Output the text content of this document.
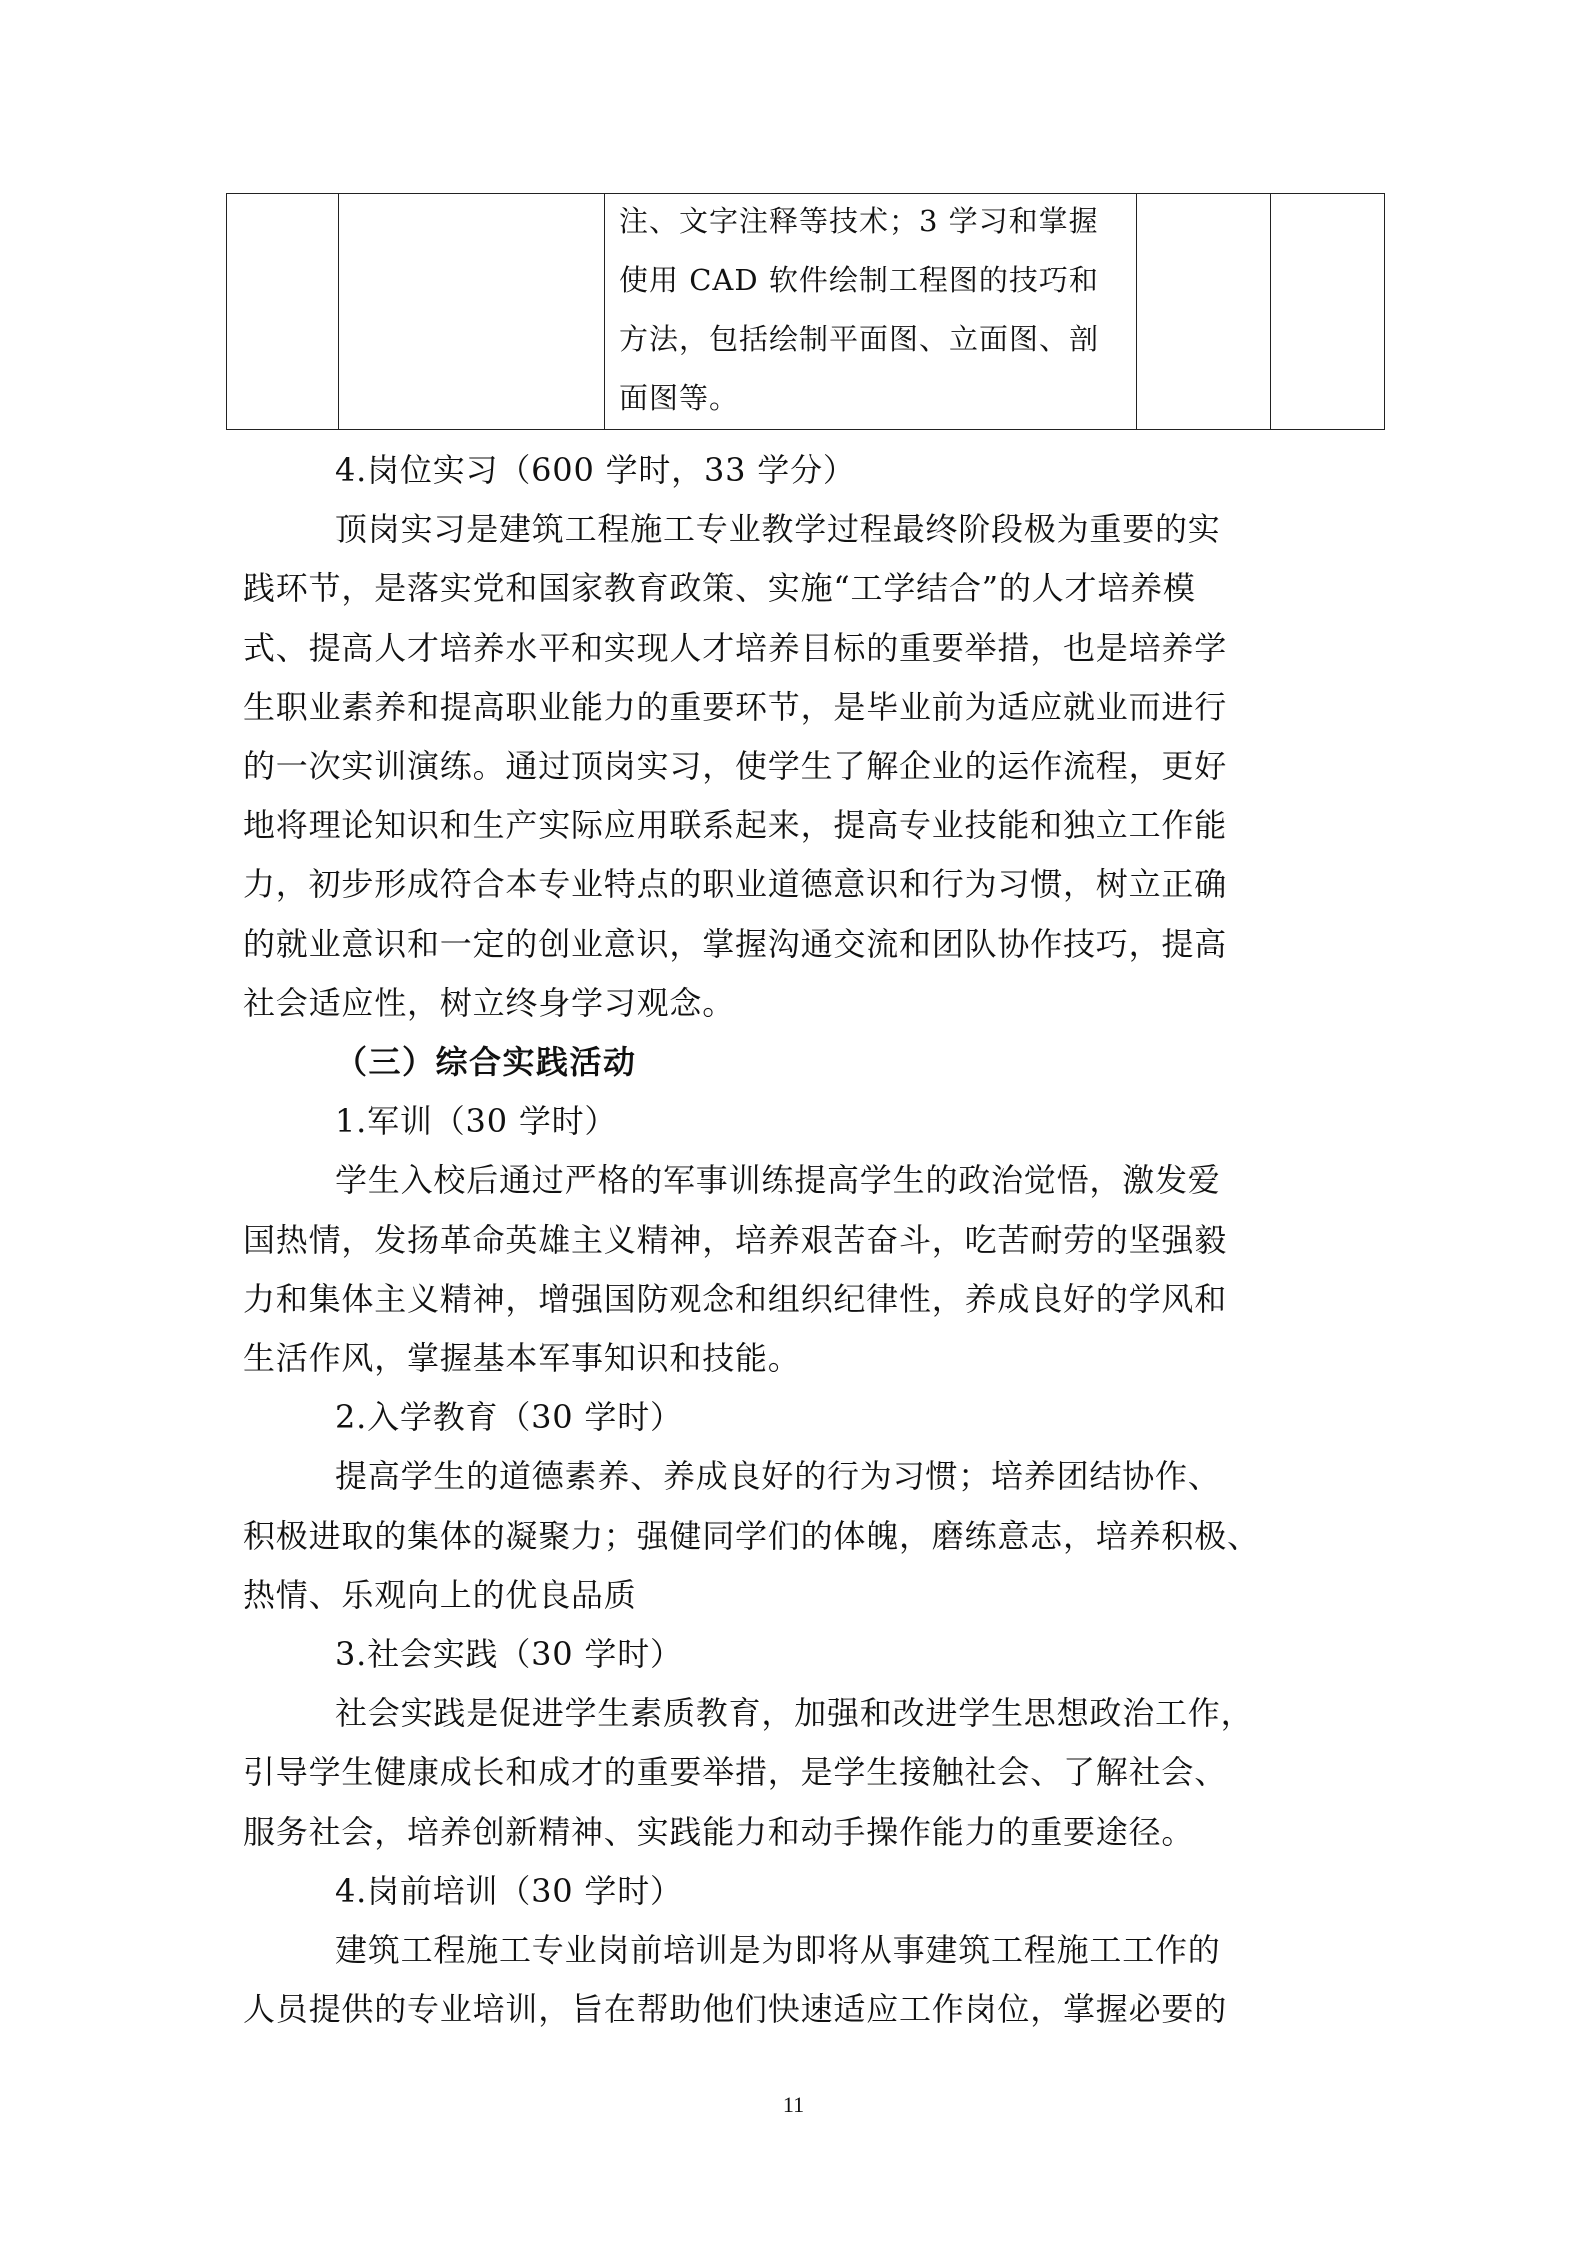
注、文字注释等技术；3 学习和掌握
使用 CAD 软件绘制工程图的技巧和
方法，包括绘制平面图、立面图、剖
面图等。

4.岗位实习（600 学时，33 学分）
顶岗实习是建筑工程施工专业教学过程最终阶段极为重要的实
践环节，是落实党和国家教育政策、实施“工学结合”的人才培养模
式、提高人才培养水平和实现人才培养目标的重要举措，也是培养学
生职业素养和提高职业能力的重要环节，是毕业前为适应就业而进行
的一次实训演练。通过顶岗实习，使学生了解企业的运作流程，更好
地将理论知识和生产实际应用联系起来，提高专业技能和独立工作能
力，初步形成符合本专业特点的职业道德意识和行为习惯，树立正确
的就业意识和一定的创业意识，掌握沟通交流和团队协作技巧，提高
社会适应性，树立终身学习观念。
（三）综合实践活动
1.军训（30 学时）
学生入校后通过严格的军事训练提高学生的政治觉悟，激发爱
国热情，发扬革命英雄主义精神，培养艰苦奋斗，吃苦耐劳的坚强毅
力和集体主义精神，增强国防观念和组织纪律性，养成良好的学风和
生活作风，掌握基本军事知识和技能。
2.入学教育（30 学时）
提高学生的道德素养、养成良好的行为习惯；培养团结协作、
积极进取的集体的凝聚力；强健同学们的体魄，磨练意志，培养积极、
热情、乐观向上的优良品质
3.社会实践（30 学时）
社会实践是促进学生素质教育，加强和改进学生思想政治工作，
引导学生健康成长和成才的重要举措，是学生接触社会、了解社会、
服务社会，培养创新精神、实践能力和动手操作能力的重要途径。
4.岗前培训（30 学时）
建筑工程施工专业岗前培训是为即将从事建筑工程施工工作的
人员提供的专业培训，旨在帮助他们快速适应工作岗位，掌握必要的
11
